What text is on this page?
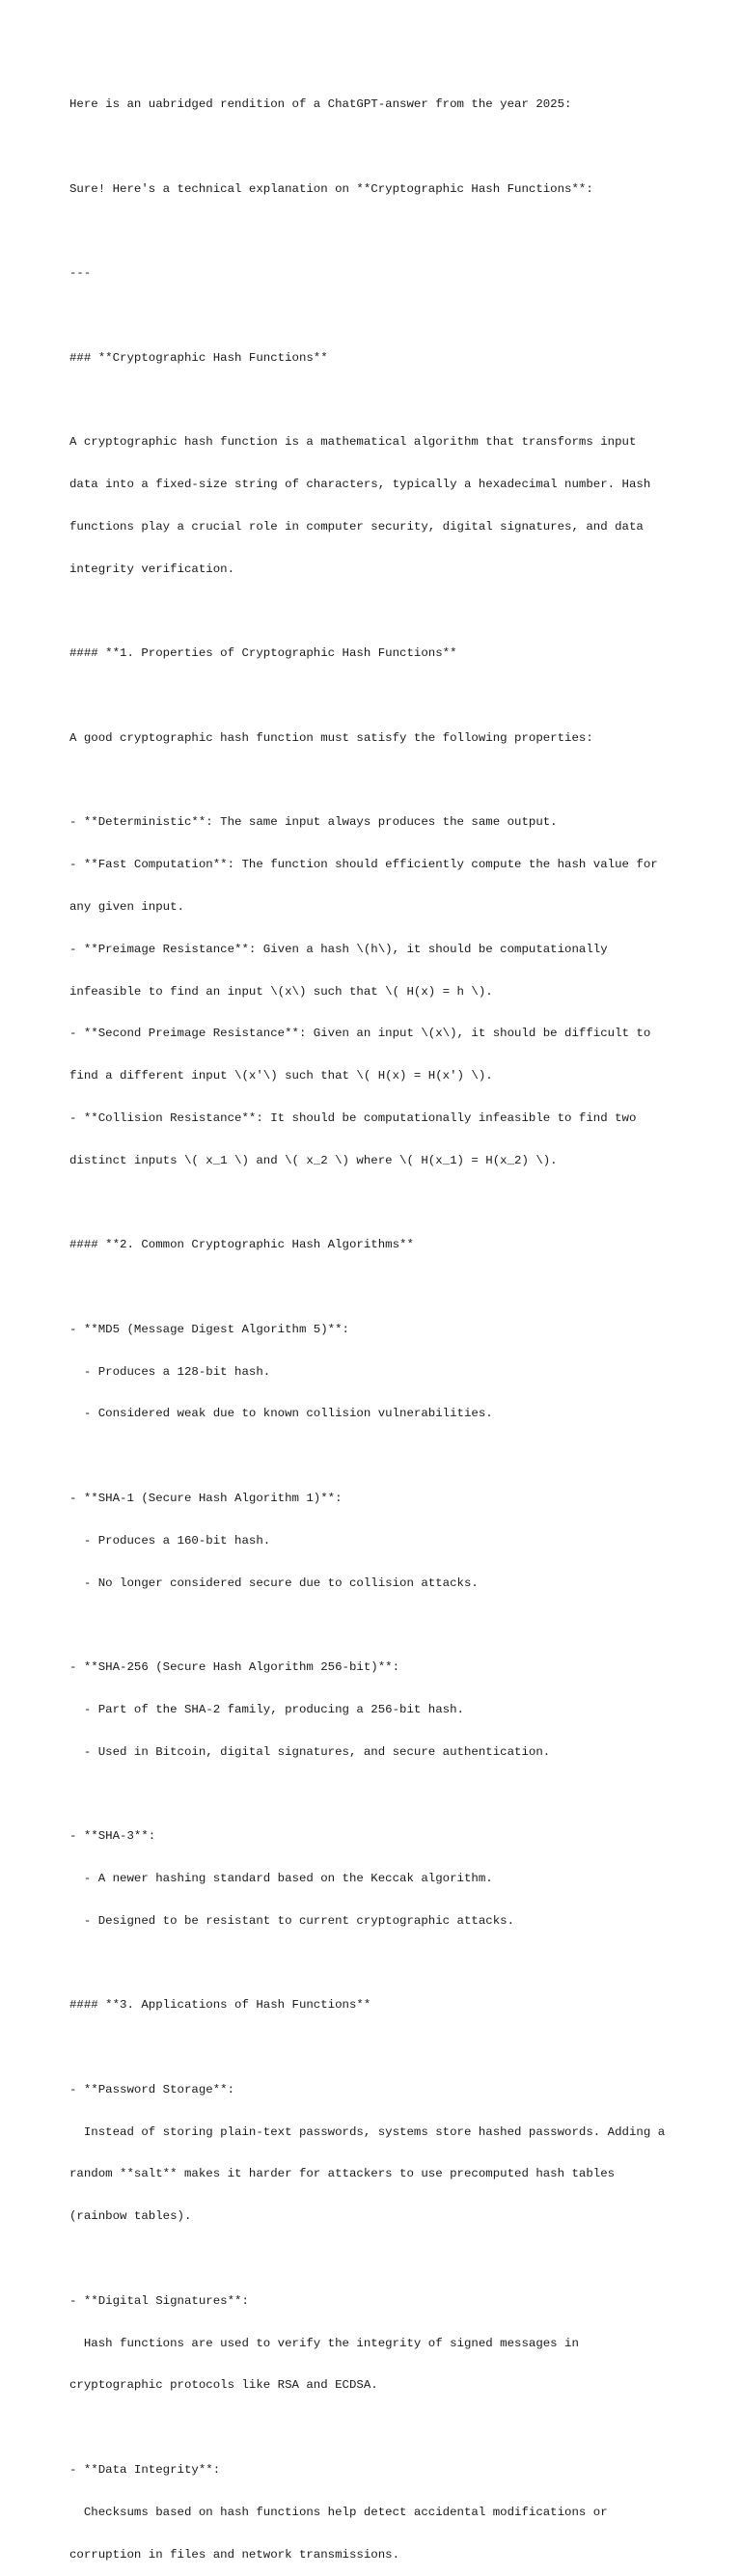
Here is an uabridged rendition of a ChatGPT-answer from the year 2025:

Sure! Here's a technical explanation on **Cryptographic Hash Functions**:

---

### **Cryptographic Hash Functions**

A cryptographic hash function is a mathematical algorithm that transforms input

data into a fixed-size string of characters, typically a hexadecimal number. Hash

functions play a crucial role in computer security, digital signatures, and data

integrity verification.

#### **1. Properties of Cryptographic Hash Functions**

A good cryptographic hash function must satisfy the following properties:

- **Deterministic**: The same input always produces the same output.

- **Fast Computation**: The function should efficiently compute the hash value for

any given input.

- **Preimage Resistance**: Given a hash \(h\), it should be computationally

infeasible to find an input \(x\) such that \( H(x) = h \).

- **Second Preimage Resistance**: Given an input \(x\), it should be difficult to

find a different input \(x'\) such that \( H(x) = H(x') \).

- **Collision Resistance**: It should be computationally infeasible to find two

distinct inputs \( x_1 \) and \( x_2 \) where \( H(x_1) = H(x_2) \).

#### **2. Common Cryptographic Hash Algorithms**

- **MD5 (Message Digest Algorithm 5)**:

- Produces a 128-bit hash.

- Considered weak due to known collision vulnerabilities.

- **SHA-1 (Secure Hash Algorithm 1)**:

- Produces a 160-bit hash.

- No longer considered secure due to collision attacks.

- **SHA-256 (Secure Hash Algorithm 256-bit)**:

- Part of the SHA-2 family, producing a 256-bit hash.

- Used in Bitcoin, digital signatures, and secure authentication.

- **SHA-3**:

- A newer hashing standard based on the Keccak algorithm.

- Designed to be resistant to current cryptographic attacks.

#### **3. Applications of Hash Functions**

- **Password Storage**:

Instead of storing plain-text passwords, systems store hashed passwords. Adding a

random **salt** makes it harder for attackers to use precomputed hash tables

(rainbow tables).

- **Digital Signatures**:

Hash functions are used to verify the integrity of signed messages in

cryptographic protocols like RSA and ECDSA.

- **Data Integrity**:

Checksums based on hash functions help detect accidental modifications or

corruption in files and network transmissions.
